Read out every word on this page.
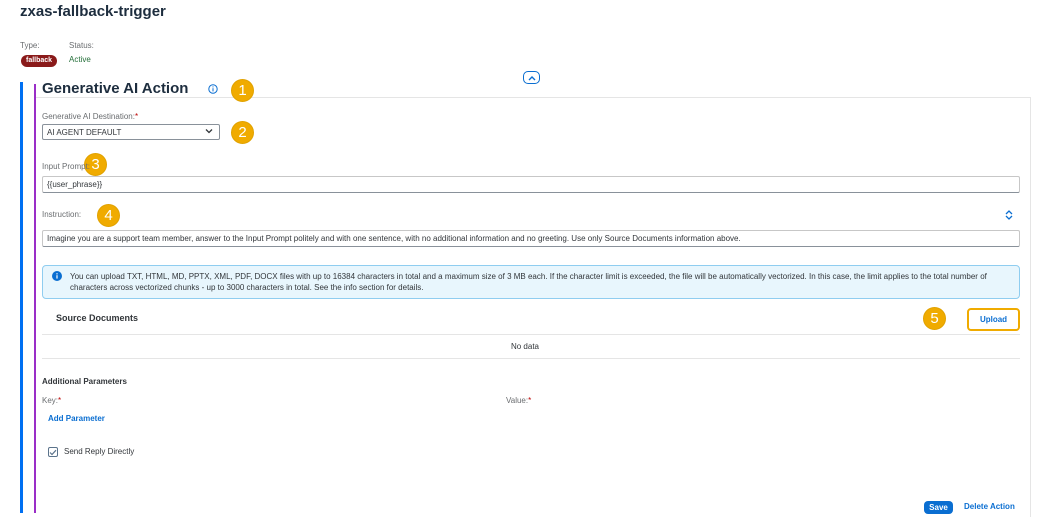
zxas-fallback-trigger
Type:	Status:
fallback	Active
Generative AI Action	1
2
3
4
5
Generative AI Destination:*
AI AGENT DEFAULT
Input Prompt:
{{user_phrase}}
Instruction:
Imagine you are a support team member, answer to the Input Prompt politely and with one sentence, with no additional information and no greeting. Use only Source Documents information above.
You can upload TXT, HTML, MD, PPTX, XML, PDF, DOCX files with up to 16384 characters in total and a maximum size of 3 MB each. If the character limit is exceeded, the file will be automatically vectorized. In this case, the limit applies to the total number of characters across vectorized chunks - up to 3000 characters in total. See the info section for details.
Source Documents	Upload
No data
Additional Parameters
Key:*	Value:*
Add Parameter
Send Reply Directly
Save	Delete Action
